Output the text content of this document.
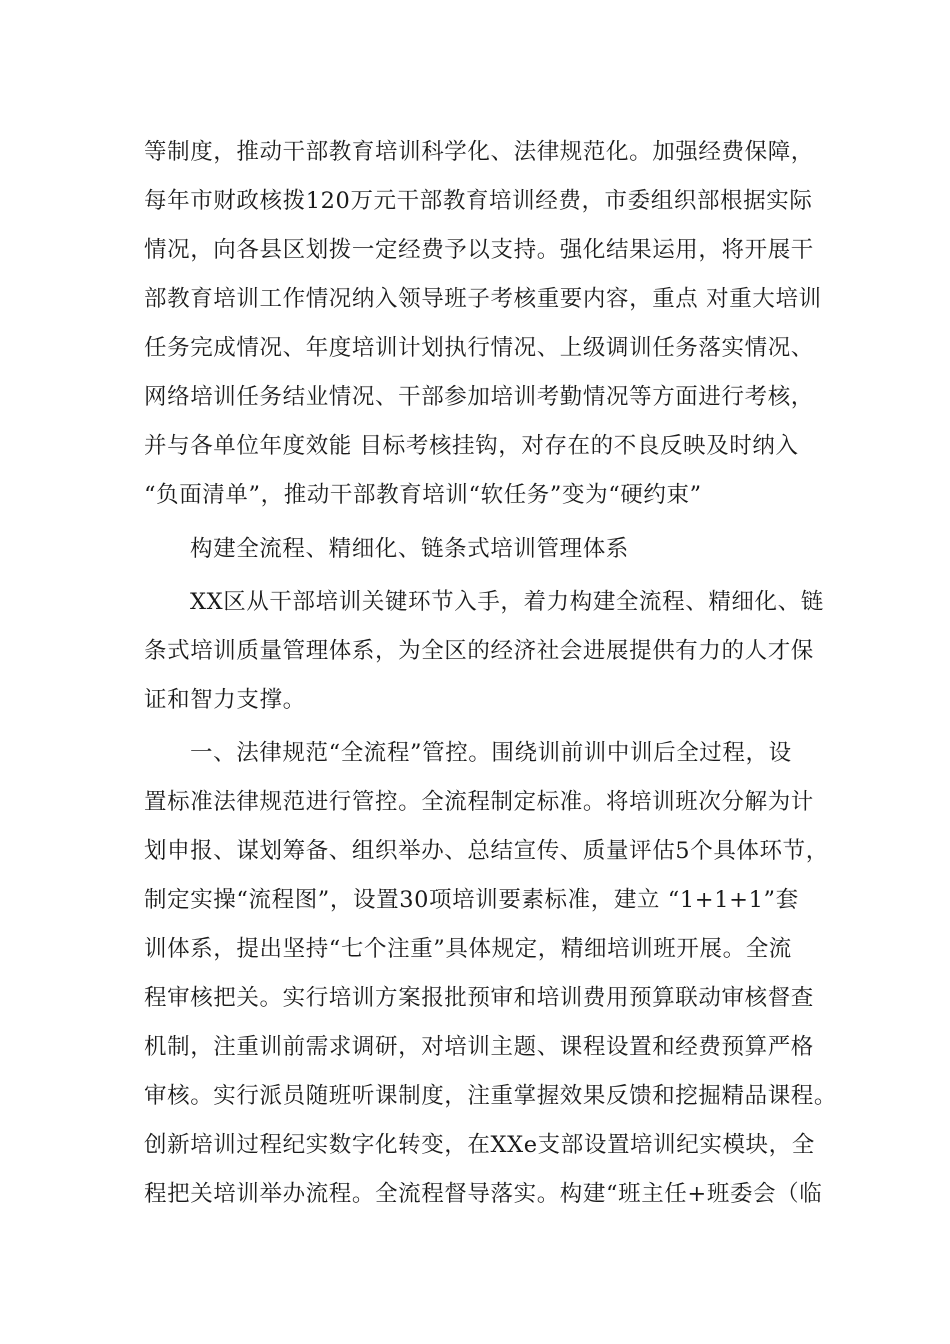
等制度，推动干部教育培训科学化、法律规范化。加强经费保障，
每年市财政核拨120万元干部教育培训经费，市委组织部根据实际
情况，向各县区划拨一定经费予以支持。强化结果运用，将开展干
部教育培训工作情况纳入领导班子考核重要内容，重点 对重大培训
任务完成情况、年度培训计划执行情况、上级调训任务落实情况、
网络培训任务结业情况、干部参加培训考勤情况等方面进行考核，
并与各单位年度效能 目标考核挂钩，对存在的不良反映及时纳入
“负面清单”，推动干部教育培训“软任务”变为“硬约束”
构建全流程、精细化、链条式培训管理体系
XX区从干部培训关键环节入手，着力构建全流程、精细化、链
条式培训质量管理体系，为全区的经济社会进展提供有力的人才保
证和智力支撑。
一、法律规范“全流程”管控。围绕训前训中训后全过程，设
置标准法律规范进行管控。全流程制定标准。将培训班次分解为计
划申报、谋划筹备、组织举办、总结宣传、质量评估5个具体环节，
制定实操“流程图”，设置30项培训要素标准，建立 “1+1+1”套
训体系，提出坚持“七个注重”具体规定，精细培训班开展。全流
程审核把关。实行培训方案报批预审和培训费用预算联动审核督查
机制，注重训前需求调研，对培训主题、课程设置和经费预算严格
审核。实行派员随班听课制度，注重掌握效果反馈和挖掘精品课程。
创新培训过程纪实数字化转变，在XXe支部设置培训纪实模块，全
程把关培训举办流程。全流程督导落实。构建“班主任+班委会（临
